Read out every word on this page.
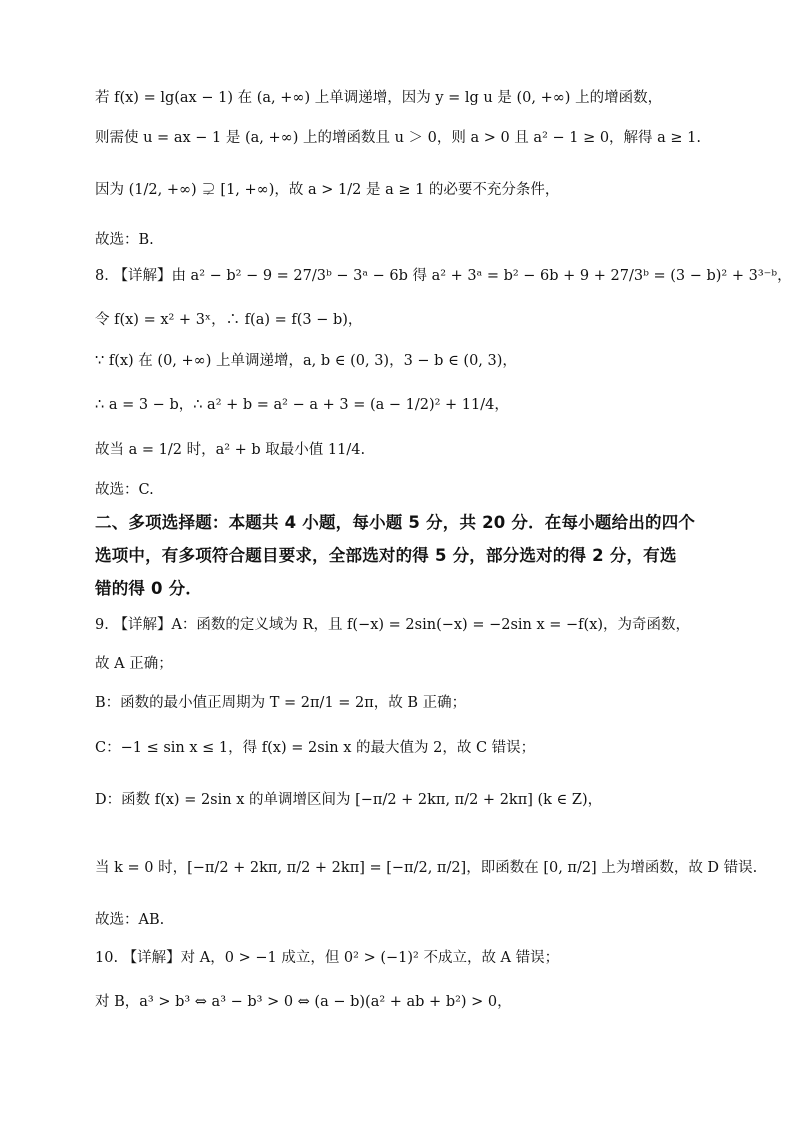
ﾠﾠ
若 f(x) = lg(ax − 1) 在 (a, +∞) 上单调递增，因为 y = lg u 是 (0, +∞) 上的增函数，
则需使 u = ax − 1 是 (a, +∞) 上的增函数且 u ＞ 0，则 a > 0 且 a² − 1 ≥ 0，解得 a ≥ 1.
因为 (1/2, +∞) ⊋ [1, +∞)，故 a > 1/2 是 a ≥ 1 的必要不充分条件，
故选：B.
8. 【详解】由 a² − b² − 9 = 27/3ᵇ − 3ᵃ − 6b 得 a² + 3ᵃ = b² − 6b + 9 + 27/3ᵇ = (3 − b)² + 3³⁻ᵇ，
令 f(x) = x² + 3ˣ，∴ f(a) = f(3 − b)，
∵ f(x) 在 (0, +∞) 上单调递增，a, b ∈ (0, 3)，3 − b ∈ (0, 3)，
∴ a = 3 − b，∴ a² + b = a² − a + 3 = (a − 1/2)² + 11/4，
故当 a = 1/2 时，a² + b 取最小值 11/4.
故选：C.
二、多项选择题：本题共 4 小题，每小题 5 分，共 20 分．在每小题给出的四个
选项中，有多项符合题目要求，全部选对的得 5 分，部分选对的得 2 分，有选
错的得 0 分．
9. 【详解】A：函数的定义域为 R，且 f(−x) = 2sin(−x) = −2sin x = −f(x)，为奇函数，
故 A 正确；
B：函数的最小值正周期为 T = 2π/1 = 2π，故 B 正确；
C：−1 ≤ sin x ≤ 1，得 f(x) = 2sin x 的最大值为 2，故 C 错误；
D：函数 f(x) = 2sin x 的单调增区间为 [−π/2 + 2kπ, π/2 + 2kπ] (k ∈ Z)，
当 k = 0 时，[−π/2 + 2kπ, π/2 + 2kπ] = [−π/2, π/2]，即函数在 [0, π/2] 上为增函数，故 D 错误.
故选：AB.
10. 【详解】对 A，0 > −1 成立，但 0² > (−1)² 不成立，故 A 错误；
对 B，a³ > b³ ⇔ a³ − b³ > 0 ⇔ (a − b)(a² + ab + b²) > 0，
